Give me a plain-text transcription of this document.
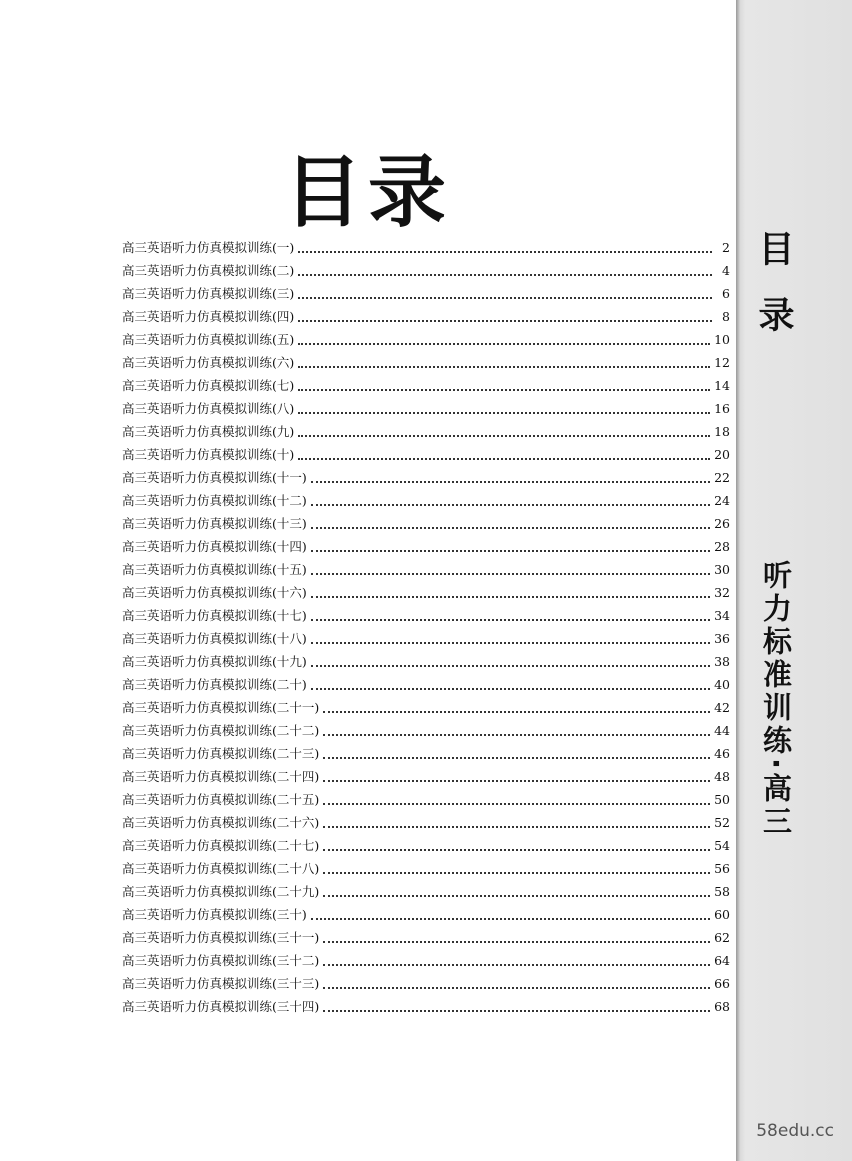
目录
高三英语听力仿真模拟训练(一)	2
高三英语听力仿真模拟训练(二)	4
高三英语听力仿真模拟训练(三)	6
高三英语听力仿真模拟训练(四)	8
高三英语听力仿真模拟训练(五)	10
高三英语听力仿真模拟训练(六)	12
高三英语听力仿真模拟训练(七)	14
高三英语听力仿真模拟训练(八)	16
高三英语听力仿真模拟训练(九)	18
高三英语听力仿真模拟训练(十)	20
高三英语听力仿真模拟训练(十一)	22
高三英语听力仿真模拟训练(十二)	24
高三英语听力仿真模拟训练(十三)	26
高三英语听力仿真模拟训练(十四)	28
高三英语听力仿真模拟训练(十五)	30
高三英语听力仿真模拟训练(十六)	32
高三英语听力仿真模拟训练(十七)	34
高三英语听力仿真模拟训练(十八)	36
高三英语听力仿真模拟训练(十九)	38
高三英语听力仿真模拟训练(二十)	40
高三英语听力仿真模拟训练(二十一)	42
高三英语听力仿真模拟训练(二十二)	44
高三英语听力仿真模拟训练(二十三)	46
高三英语听力仿真模拟训练(二十四)	48
高三英语听力仿真模拟训练(二十五)	50
高三英语听力仿真模拟训练(二十六)	52
高三英语听力仿真模拟训练(二十七)	54
高三英语听力仿真模拟训练(二十八)	56
高三英语听力仿真模拟训练(二十九)	58
高三英语听力仿真模拟训练(三十)	60
高三英语听力仿真模拟训练(三十一)	62
高三英语听力仿真模拟训练(三十二)	64
高三英语听力仿真模拟训练(三十三)	66
高三英语听力仿真模拟训练(三十四)	68
目录
听力标准训练·高三
58edu.cc
